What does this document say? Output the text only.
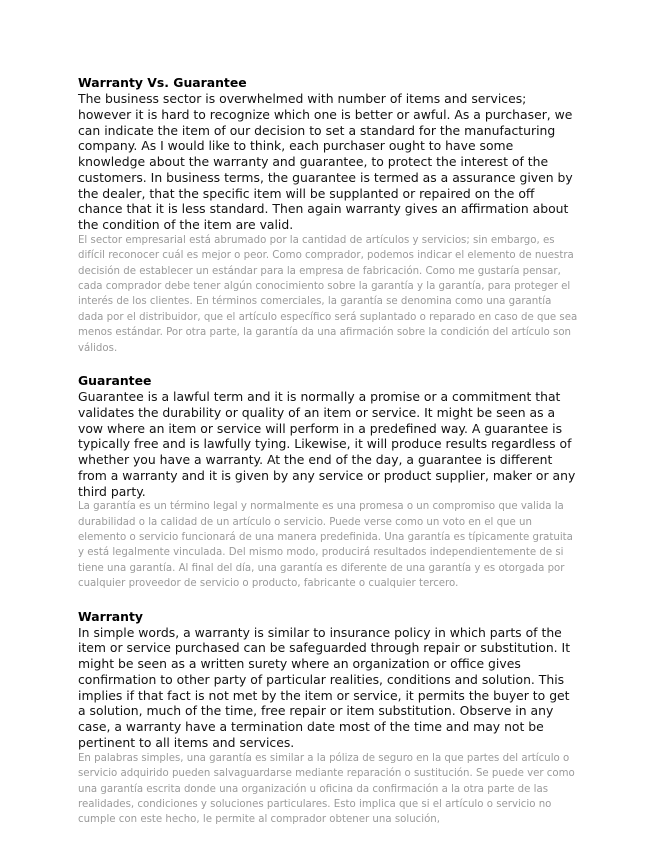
Warranty Vs. Guarantee
The business sector is overwhelmed with number of items and services; however it is hard to recognize which one is better or awful. As a purchaser, we can indicate the item of our decision to set a standard for the manufacturing company. As I would like to think, each purchaser ought to have some knowledge about the warranty and guarantee, to protect the interest of the customers. In business terms, the guarantee is termed as a assurance given by the dealer, that the specific item will be supplanted or repaired on the off chance that it is less standard. Then again warranty gives an affirmation about the condition of the item are valid.
El sector empresarial está abrumado por la cantidad de artículos y servicios; sin embargo, es difícil reconocer cuál es mejor o peor. Como comprador, podemos indicar el elemento de nuestra decisión de establecer un estándar para la empresa de fabricación. Como me gustaría pensar, cada comprador debe tener algún conocimiento sobre la garantía y la garantía, para proteger el interés de los clientes. En términos comerciales, la garantía se denomina como una garantía dada por el distribuidor, que el artículo específico será suplantado o reparado en caso de que sea menos estándar. Por otra parte, la garantía da una afirmación sobre la condición del artículo son válidos.
Guarantee
Guarantee is a lawful term and it is normally a promise or a commitment that validates the durability or quality of an item or service. It might be seen as a vow where an item or service will perform in a predefined way. A guarantee is typically free and is lawfully tying. Likewise, it will produce results regardless of whether you have a warranty. At the end of the day, a guarantee is different from a warranty and it is given by any service or product supplier, maker or any third party.
La garantía es un término legal y normalmente es una promesa o un compromiso que valida la durabilidad o la calidad de un artículo o servicio. Puede verse como un voto en el que un elemento o servicio funcionará de una manera predefinida. Una garantía es típicamente gratuita y está legalmente vinculada. Del mismo modo, producirá resultados independientemente de si tiene una garantía. Al final del día, una garantía es diferente de una garantía y es otorgada por cualquier proveedor de servicio o producto, fabricante o cualquier tercero.
Warranty
In simple words, a warranty is similar to insurance policy in which parts of the item or service purchased can be safeguarded through repair or substitution. It might be seen as a written surety where an organization or office gives confirmation to other party of particular realities, conditions and solution. This implies if that fact is not met by the item or service, it permits the buyer to get a solution, much of the time, free repair or item substitution. Observe in any case, a warranty have a termination date most of the time and may not be pertinent to all items and services.
En palabras simples, una garantía es similar a la póliza de seguro en la que partes del artículo o servicio adquirido pueden salvaguardarse mediante reparación o sustitución. Se puede ver como una garantía escrita donde una organización u oficina da confirmación a la otra parte de las realidades, condiciones y soluciones particulares. Esto implica que si el artículo o servicio no cumple con este hecho, le permite al comprador obtener una solución,
